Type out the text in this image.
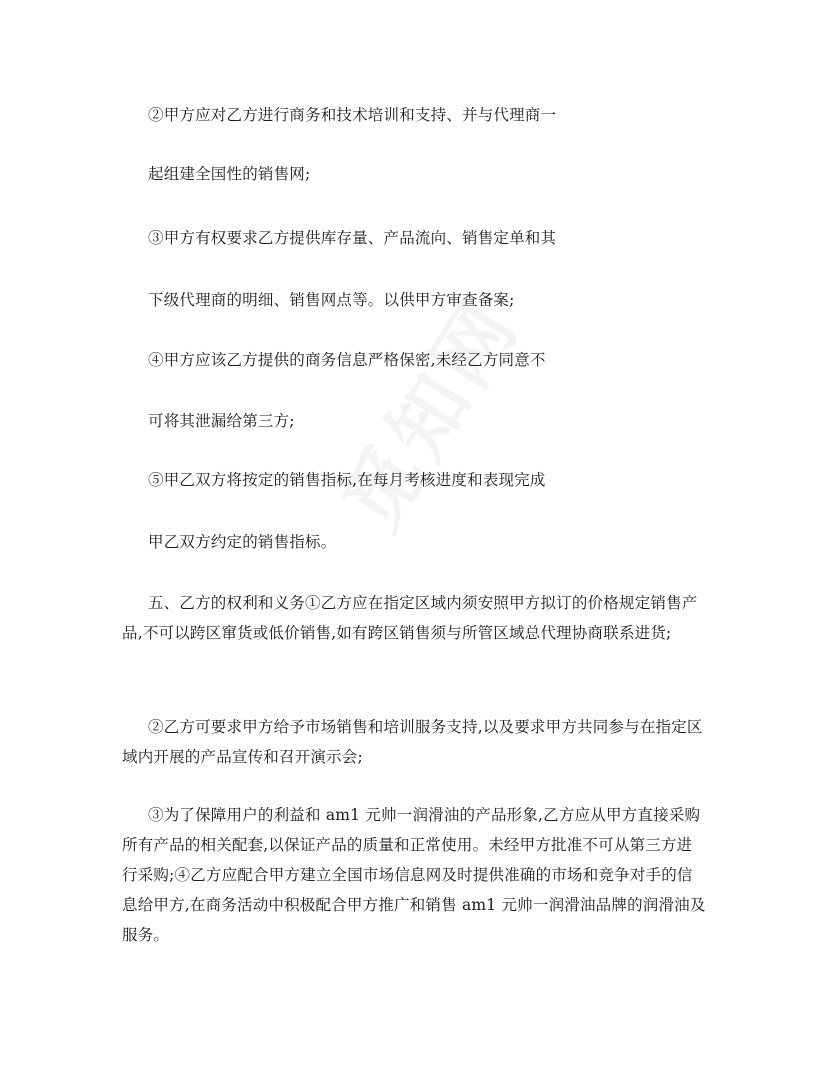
②甲方应对乙方进行商务和技术培训和支持、并与代理商一
起组建全国性的销售网;
③甲方有权要求乙方提供库存量、产品流向、销售定单和其
下级代理商的明细、销售网点等。以供甲方审查备案;
④甲方应该乙方提供的商务信息严格保密,未经乙方同意不
可将其泄漏给第三方;
⑤甲乙双方将按定的销售指标,在每月考核进度和表现完成
甲乙双方约定的销售指标。
五、乙方的权利和义务①乙方应在指定区域内须安照甲方拟订的价格规定销售产品,不可以跨区窜货或低价销售,如有跨区销售须与所管区域总代理协商联系进货;
②乙方可要求甲方给予市场销售和培训服务支持,以及要求甲方共同参与在指定区域内开展的产品宣传和召开演示会;
③为了保障用户的利益和 am1 元帅一润滑油的产品形象,乙方应从甲方直接采购所有产品的相关配套,以保证产品的质量和正常使用。未经甲方批准不可从第三方进行采购;④乙方应配合甲方建立全国市场信息网及时提供准确的市场和竞争对手的信息给甲方,在商务活动中积极配合甲方推广和销售 am1 元帅一润滑油品牌的润滑油及服务。
